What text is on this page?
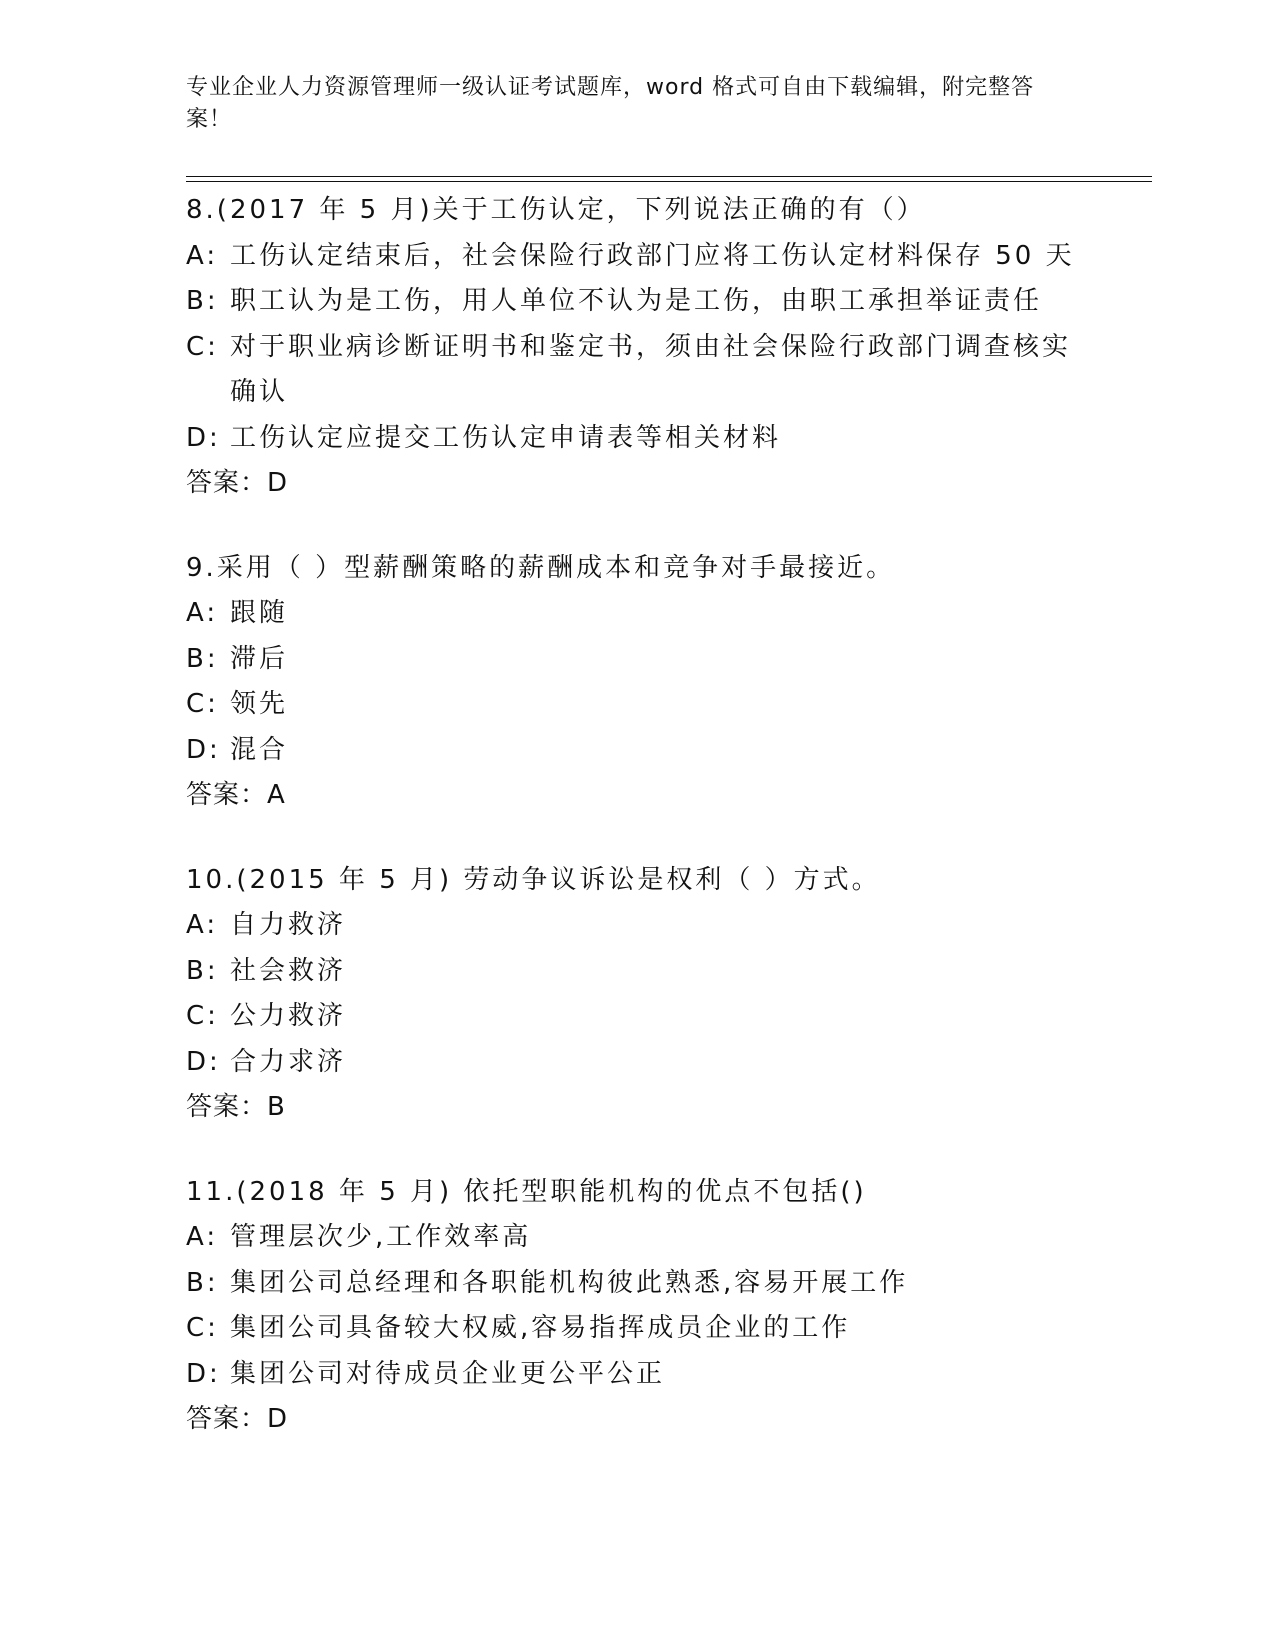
专业企业人力资源管理师一级认证考试题库，word 格式可自由下载编辑，附完整答案！
8.(2017 年 5 月)关于工伤认定，下列说法正确的有（）
A: 工伤认定结束后，社会保险行政部门应将工伤认定材料保存 50 天
B: 职工认为是工伤，用人单位不认为是工伤，由职工承担举证责任
C: 对于职业病诊断证明书和鉴定书，须由社会保险行政部门调查核实确认
D: 工伤认定应提交工伤认定申请表等相关材料
答案：D
9.采用（ ）型薪酬策略的薪酬成本和竞争对手最接近。
A: 跟随
B: 滞后
C: 领先
D: 混合
答案：A
10.(2015 年 5 月) 劳动争议诉讼是权利（ ）方式。
A: 自力救济
B: 社会救济
C: 公力救济
D: 合力求济
答案：B
11.(2018 年 5 月) 依托型职能机构的优点不包括()
A: 管理层次少,工作效率高
B: 集团公司总经理和各职能机构彼此熟悉,容易开展工作
C: 集团公司具备较大权威,容易指挥成员企业的工作
D: 集团公司对待成员企业更公平公正
答案：D
